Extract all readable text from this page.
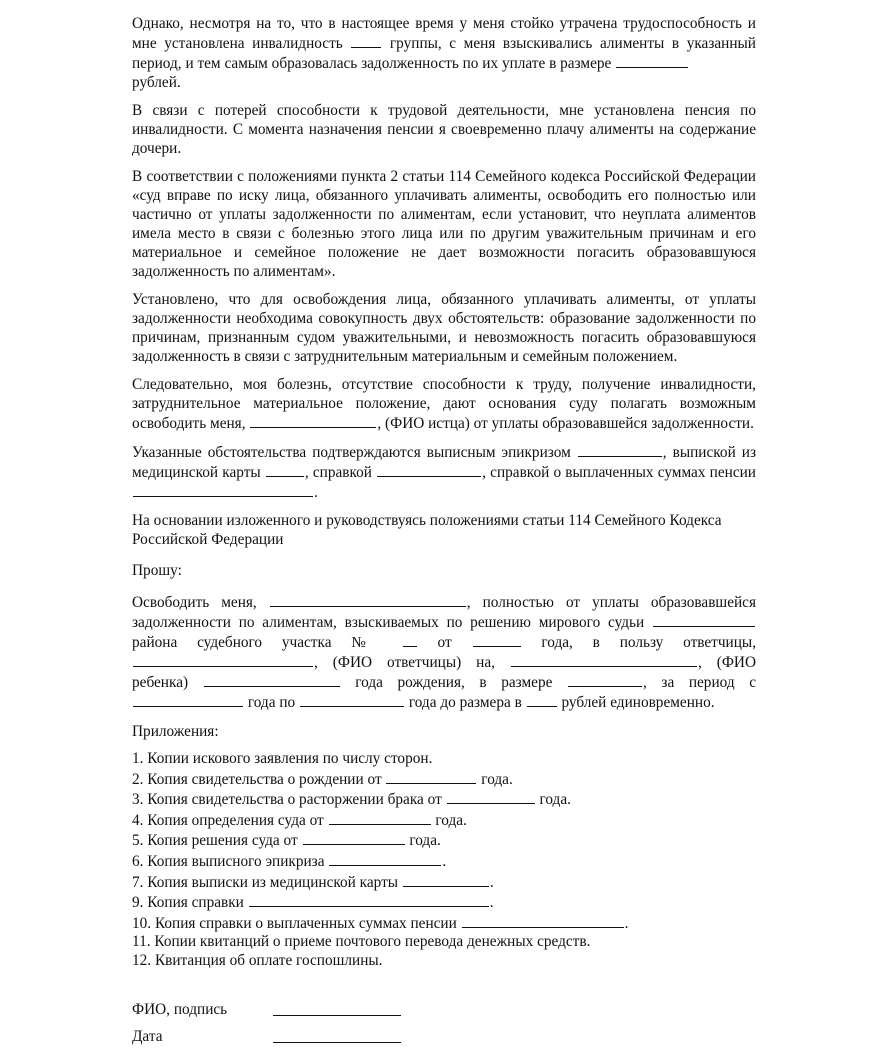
Однако, несмотря на то, что в настоящее время у меня стойко утрачена трудоспособность и мне установлена инвалидность	группы, с меня взыскивались алименты в указанный период, и тем самым образовалась задолженность по их уплате в размере
рублей.

В связи с потерей способности к трудовой деятельности, мне установлена пенсия по инвалидности. С момента назначения пенсии я своевременно плачу алименты на содержание дочери.

В соответствии с положениями пункта 2 статьи 114 Семейного кодекса Российской Федерации «суд вправе по иску лица, обязанного уплачивать алименты, освободить его полностью или частично от уплаты задолженности по алиментам, если установит, что неуплата алиментов имела место в связи с болезнью этого лица или по другим уважительным причинам и его материальное и семейное положение не дает возможности погасить образовавшуюся задолженность по алиментам».

Установлено, что для освобождения лица, обязанного уплачивать алименты, от уплаты задолженности необходима совокупность двух обстоятельств: образование задолженности по причинам, признанным судом уважительными, и невозможность погасить образовавшуюся задолженность в связи с затруднительным материальным и семейным положением.

Следовательно, моя болезнь, отсутствие способности к труду, получение инвалидности, затруднительное материальное положение, дают основания суду полагать возможным освободить меня,	, (ФИО истца) от уплаты образовавшейся задолженности.

Указанные обстоятельства подтверждаются выписным эпикризом	, выпиской из медицинской карты	, справкой	, справкой о выплаченных суммах пенсии .

На основании изложенного и руководствуясь положениями статьи 114 Семейного Кодекса Российской Федерации

Прошу:

Освободить меня,	, полностью от уплаты образовавшейся задолженности по алиментам, взыскиваемых по решению мирового судьи  района судебного участка №	от	года, в пользу ответчицы, , (ФИО ответчицы) на,	, (ФИО ребенка)	года рождения, в размере	, за период с  года по	года до размера в	рублей единовременно.

Приложения:

1. Копии искового заявления по числу сторон.
2. Копия свидетельства о рождении от	года.
3. Копия свидетельства о расторжении брака от	года.
4. Копия определения суда от	года.
5. Копия решения суда от	года.
6. Копия выписного эпикриза	.
7. Копия выписки из медицинской карты	.
9. Копия справки	.
10. Копия справки о выплаченных суммах пенсии	.
11. Копии квитанций о приеме почтового перевода денежных средств.
12. Квитанция об оплате госпошлины.
ФИО, подпись
Дата
